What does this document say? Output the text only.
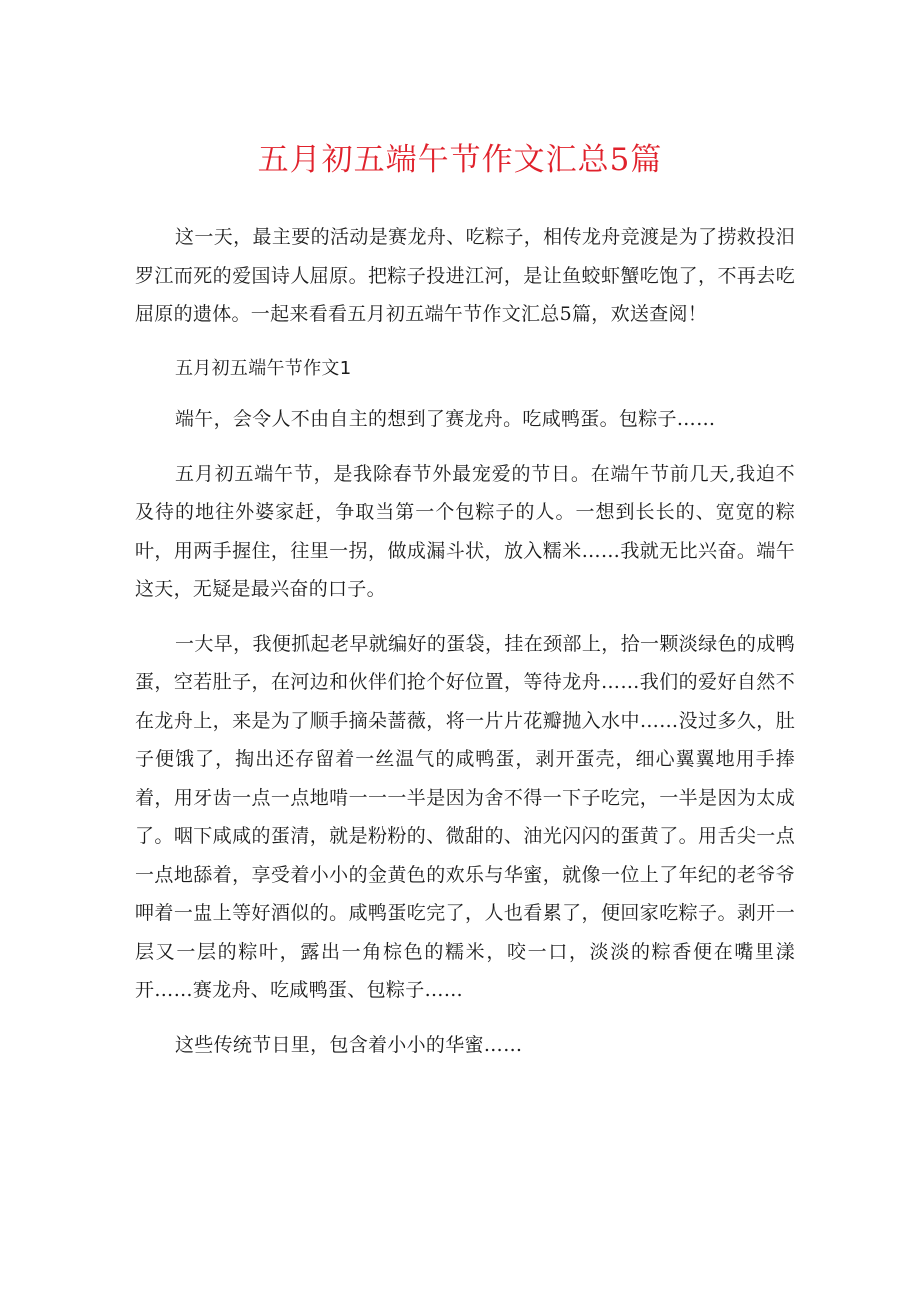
五月初五端午节作文汇总5篇

这一天，最主要的活动是赛龙舟、吃粽子，相传龙舟竞渡是为了捞救投汨罗江而死的爱国诗人屈原。把粽子投进江河，是让鱼蛟虾蟹吃饱了，不再去吃屈原的遗体。一起来看看五月初五端午节作文汇总5篇，欢送查阅！

五月初五端午节作文1

端午，会令人不由自主的想到了赛龙舟。吃咸鸭蛋。包粽子……

五月初五端午节，是我除春节外最宠爱的节日。在端午节前几天,我迫不及待的地往外婆家赶，争取当第一个包粽子的人。一想到长长的、宽宽的粽叶，用两手握住，往里一拐，做成漏斗状，放入糯米……我就无比兴奋。端午这天，无疑是最兴奋的口子。

一大早，我便抓起老早就编好的蛋袋，挂在颈部上，拾一颗淡绿色的成鸭蛋，空若肚子，在河边和伙伴们抢个好位置，等待龙舟……我们的爱好自然不在龙舟上，来是为了顺手摘朵蔷薇，将一片片花瓣抛入水中……没过多久，肚子便饿了，掏出还存留着一丝温气的咸鸭蛋，剥开蛋壳，细心翼翼地用手捧着，用牙齿一点一点地啃一一一半是因为舍不得一下子吃完，一半是因为太成了。咽下咸咸的蛋清，就是粉粉的、微甜的、油光闪闪的蛋黄了。用舌尖一点一点地舔着，享受着小小的金黄色的欢乐与华蜜，就像一位上了年纪的老爷爷呷着一盅上等好酒似的。咸鸭蛋吃完了，人也看累了，便回家吃粽子。剥开一层又一层的粽叶，露出一角棕色的糯米，咬一口，淡淡的粽香便在嘴里漾开……赛龙舟、吃咸鸭蛋、包粽子……

这些传统节日里，包含着小小的华蜜……
